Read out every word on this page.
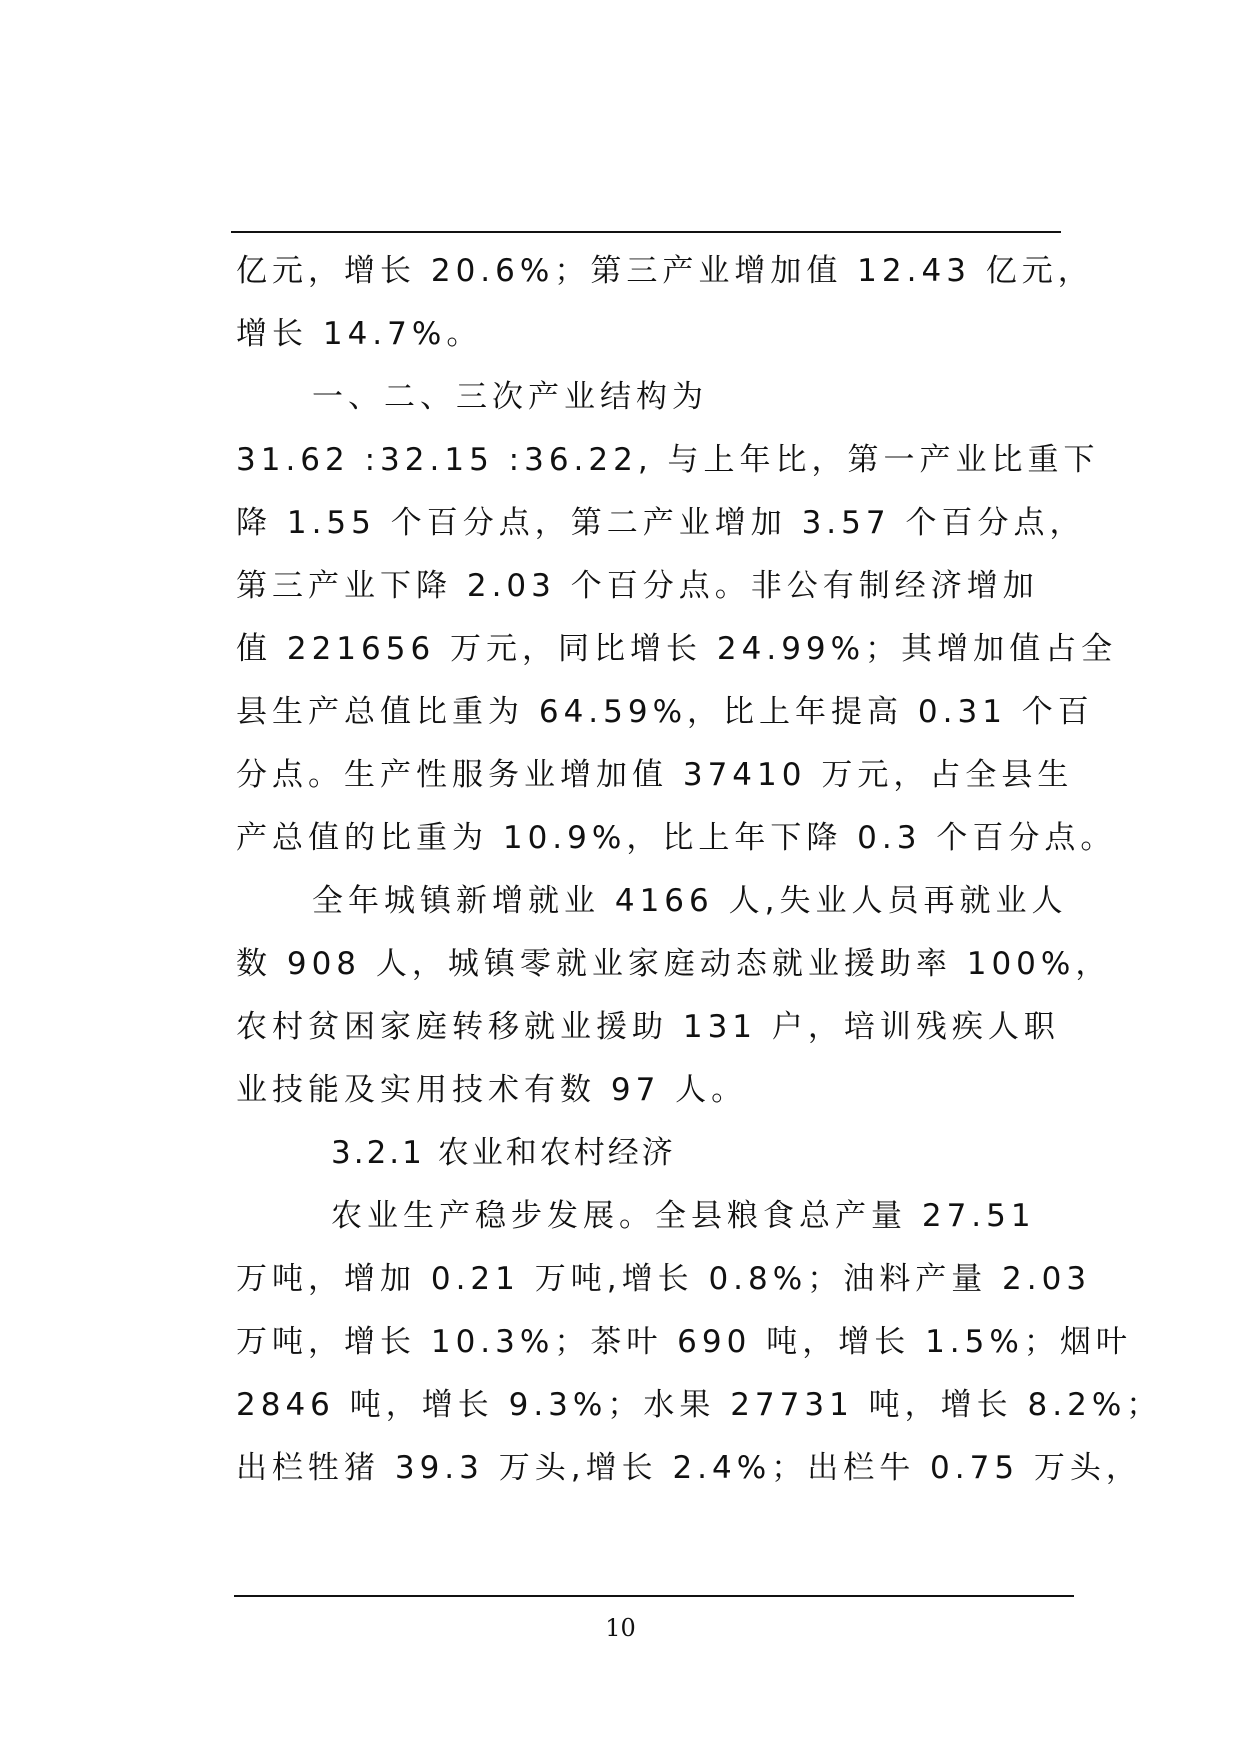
亿元，增长 20.6%；第三产业增加值 12.43 亿元，
增长 14.7%。
一、二、三次产业结构为
31.62 :32.15 :36.22, 与上年比，第一产业比重下
降 1.55 个百分点，第二产业增加 3.57 个百分点，
第三产业下降 2.03 个百分点。非公有制经济增加
值 221656 万元，同比增长 24.99%；其增加值占全
县生产总值比重为 64.59%，比上年提高 0.31 个百
分点。生产性服务业增加值 37410 万元，占全县生
产总值的比重为 10.9%，比上年下降 0.3 个百分点。
全年城镇新增就业 4166 人,失业人员再就业人
数 908 人，城镇零就业家庭动态就业援助率 100%，
农村贫困家庭转移就业援助 131 户，培训残疾人职
业技能及实用技术有数 97 人。
3.2.1 农业和农村经济
农业生产稳步发展。全县粮食总产量 27.51
万吨，增加 0.21 万吨,增长 0.8%；油料产量 2.03
万吨，增长 10.3%；茶叶 690 吨，增长 1.5%；烟叶
2846 吨，增长 9.3%；水果 27731 吨，增长 8.2%；
出栏牲猪 39.3 万头,增长 2.4%；出栏牛 0.75 万头，
10
